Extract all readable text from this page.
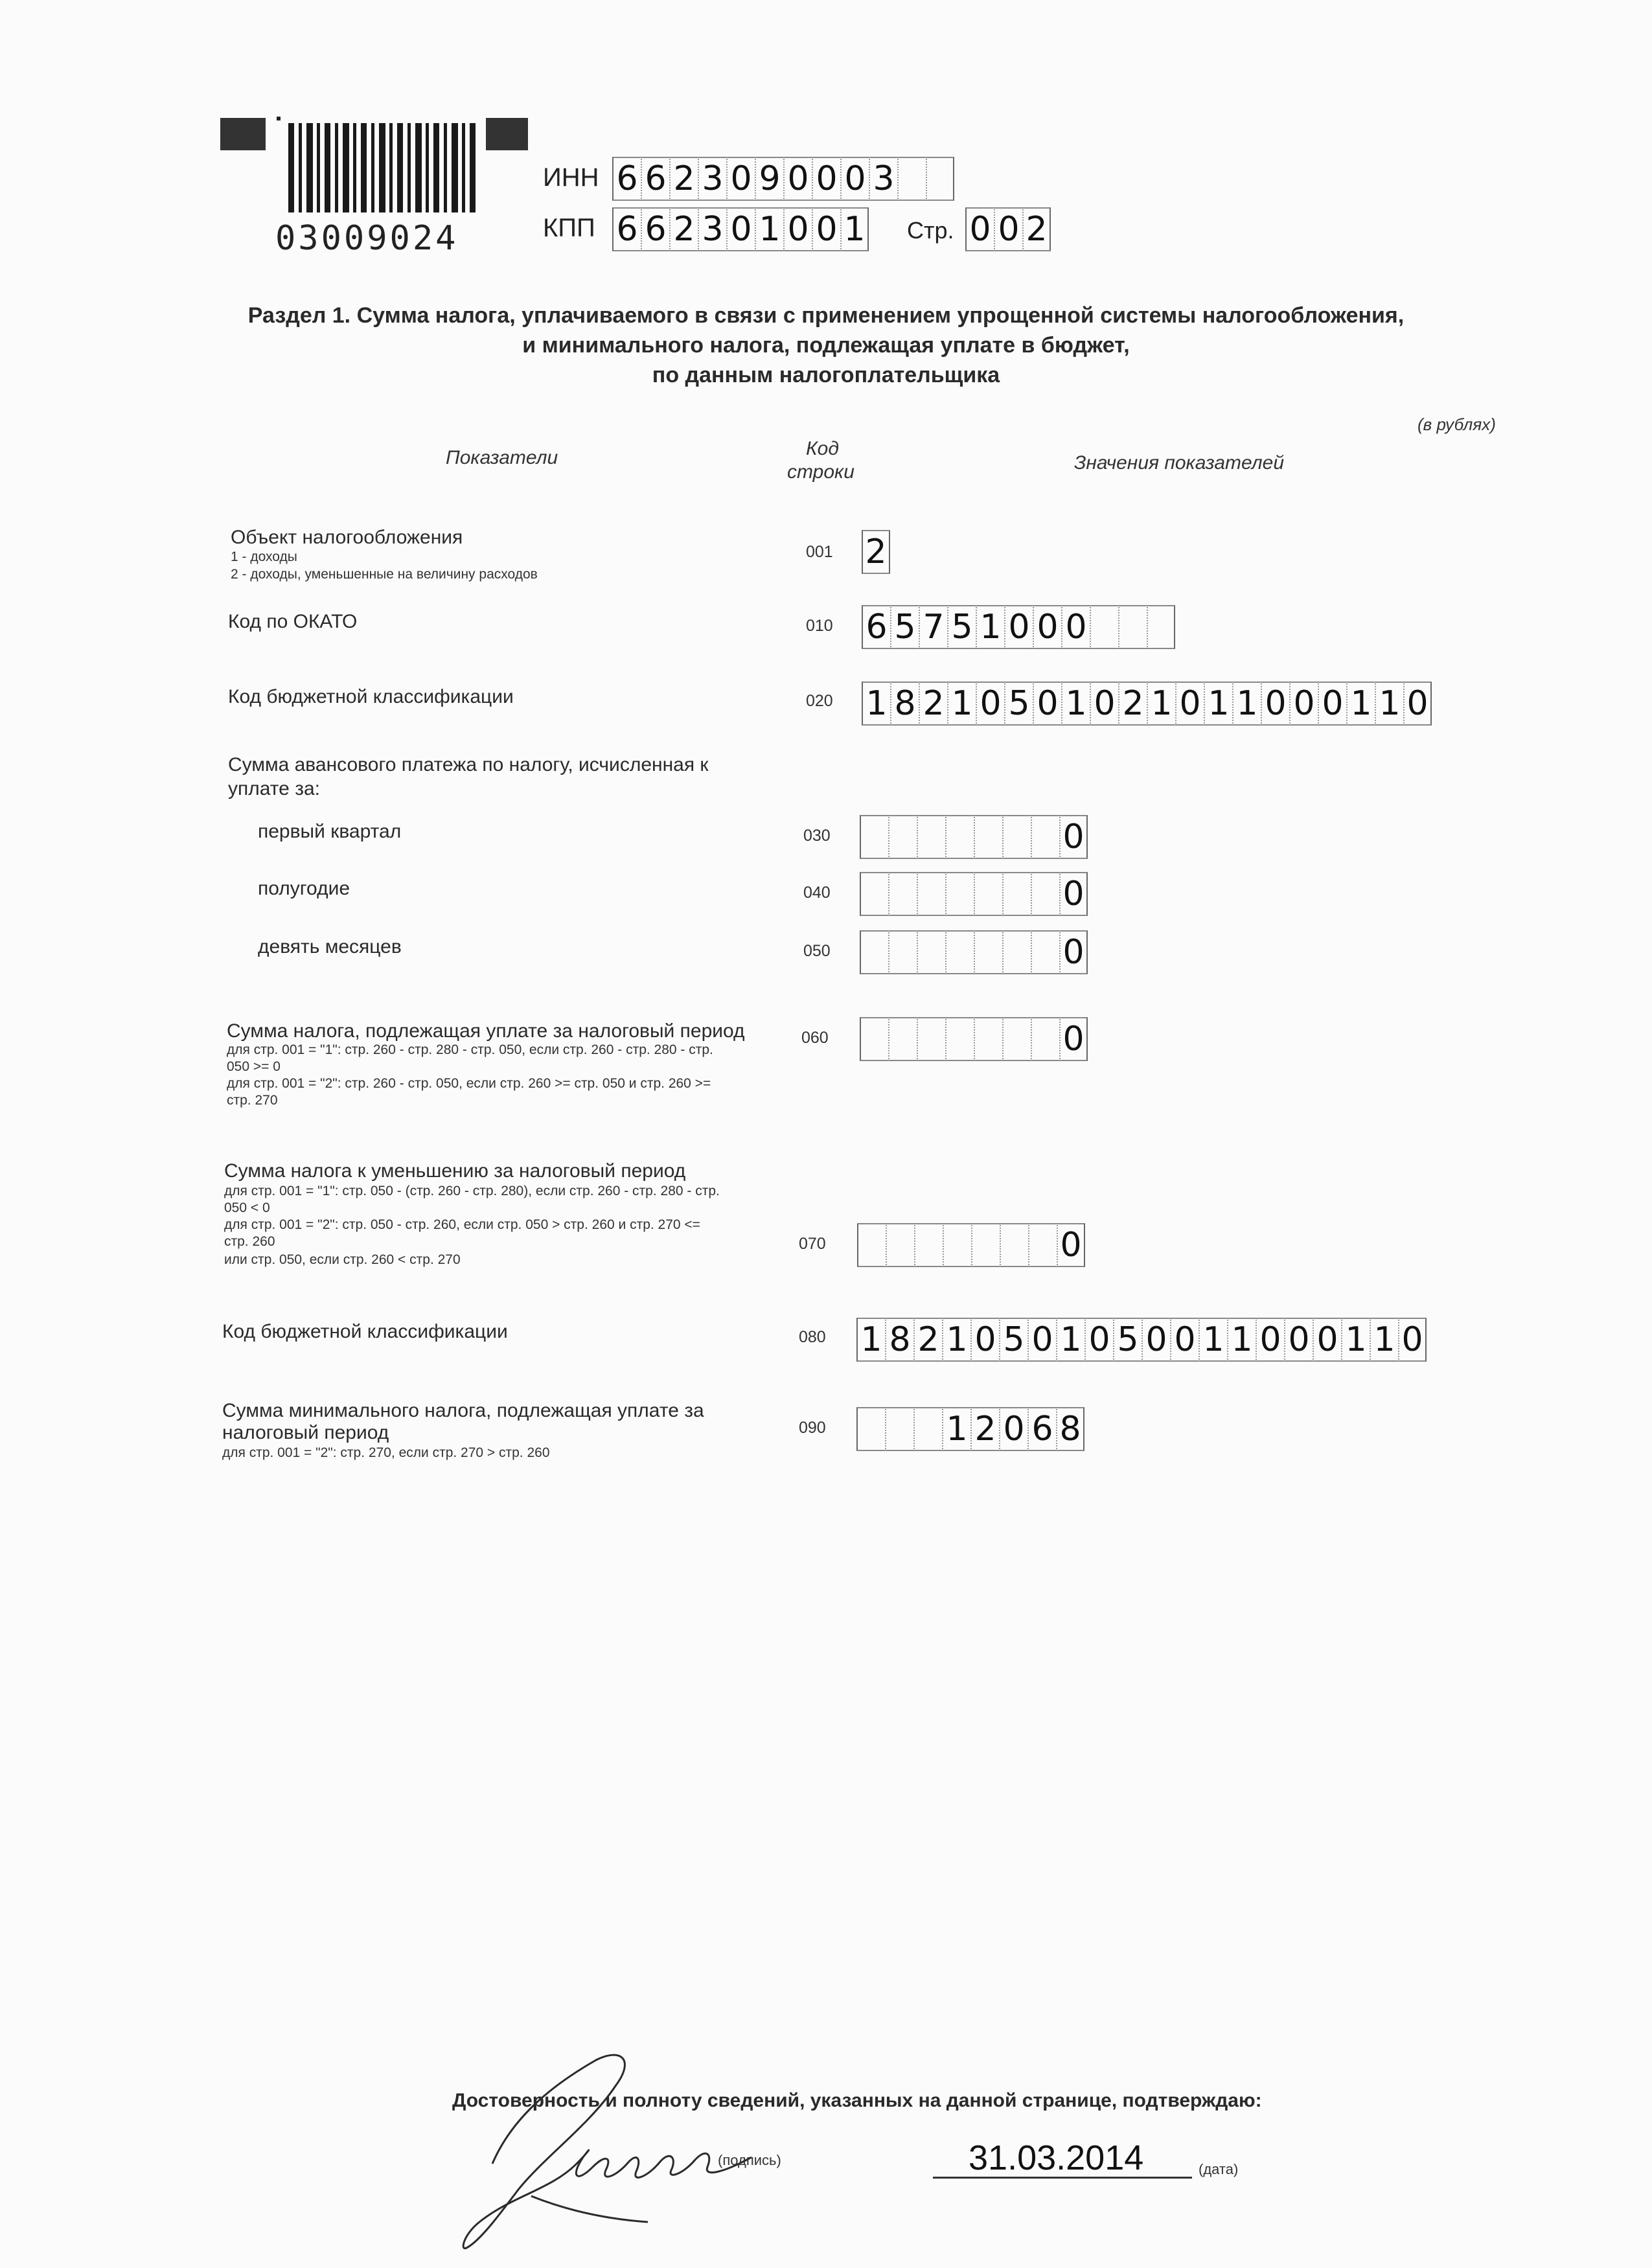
03009024
ИНН 6 6 2 3 0 9 0 0 0 3
КПП 6 6 2 3 0 1 0 0 1 Стр. 0 0 2
Раздел 1. Сумма налога, уплачиваемого в связи с применением упрощенной системы налогообложения,
и минимального налога, подлежащая уплате в бюджет,
по данным налогоплательщика
(в рублях)
Показатели	Код
строки	Значения показателей
Объект налогообложения
1 - доходы
2 - доходы, уменьшенные на величину расходов
001 2
Код по ОКАТО	010 6 5 7 5 1 0 0 0
Код бюджетной классификации	020 1 8 2 1 0 5 0 1 0 2 1 0 1 1 0 0 0 1 1 0
Сумма авансового платежа по налогу, исчисленная к
уплате за:
первый квартал	030	0
полугодие	040	0
девять месяцев	050	0
Сумма налога, подлежащая уплате за налоговый период
для стр. 001 = "1": стр. 260 - стр. 280 - стр. 050, если стр. 260 - стр. 280 - стр.
050 >= 0
для стр. 001 = "2": стр. 260 - стр. 050, если стр. 260 >= стр. 050 и стр. 260 >=
стр. 270
060	0
Сумма налога к уменьшению за налоговый период
для стр. 001 = "1": стр. 050 - (стр. 260 - стр. 280), если стр. 260 - стр. 280 - стр.
050 < 0
для стр. 001 = "2": стр. 050 - стр. 260, если стр. 050 > стр. 260 и стр. 270 <=
стр. 260
или стр. 050, если стр. 260 < стр. 270
070	0
Код бюджетной классификации	080 1 8 2 1 0 5 0 1 0 5 0 0 1 1 0 0 0 1 1 0
Сумма минимального налога, подлежащая уплате за
налоговый период
для стр. 001 = "2": стр. 270, если стр. 270 > стр. 260
090	1 2 0 6 8
Достоверность и полноту сведений, указанных на данной странице, подтверждаю:
(подпись)	31.03.2014	(дата)
